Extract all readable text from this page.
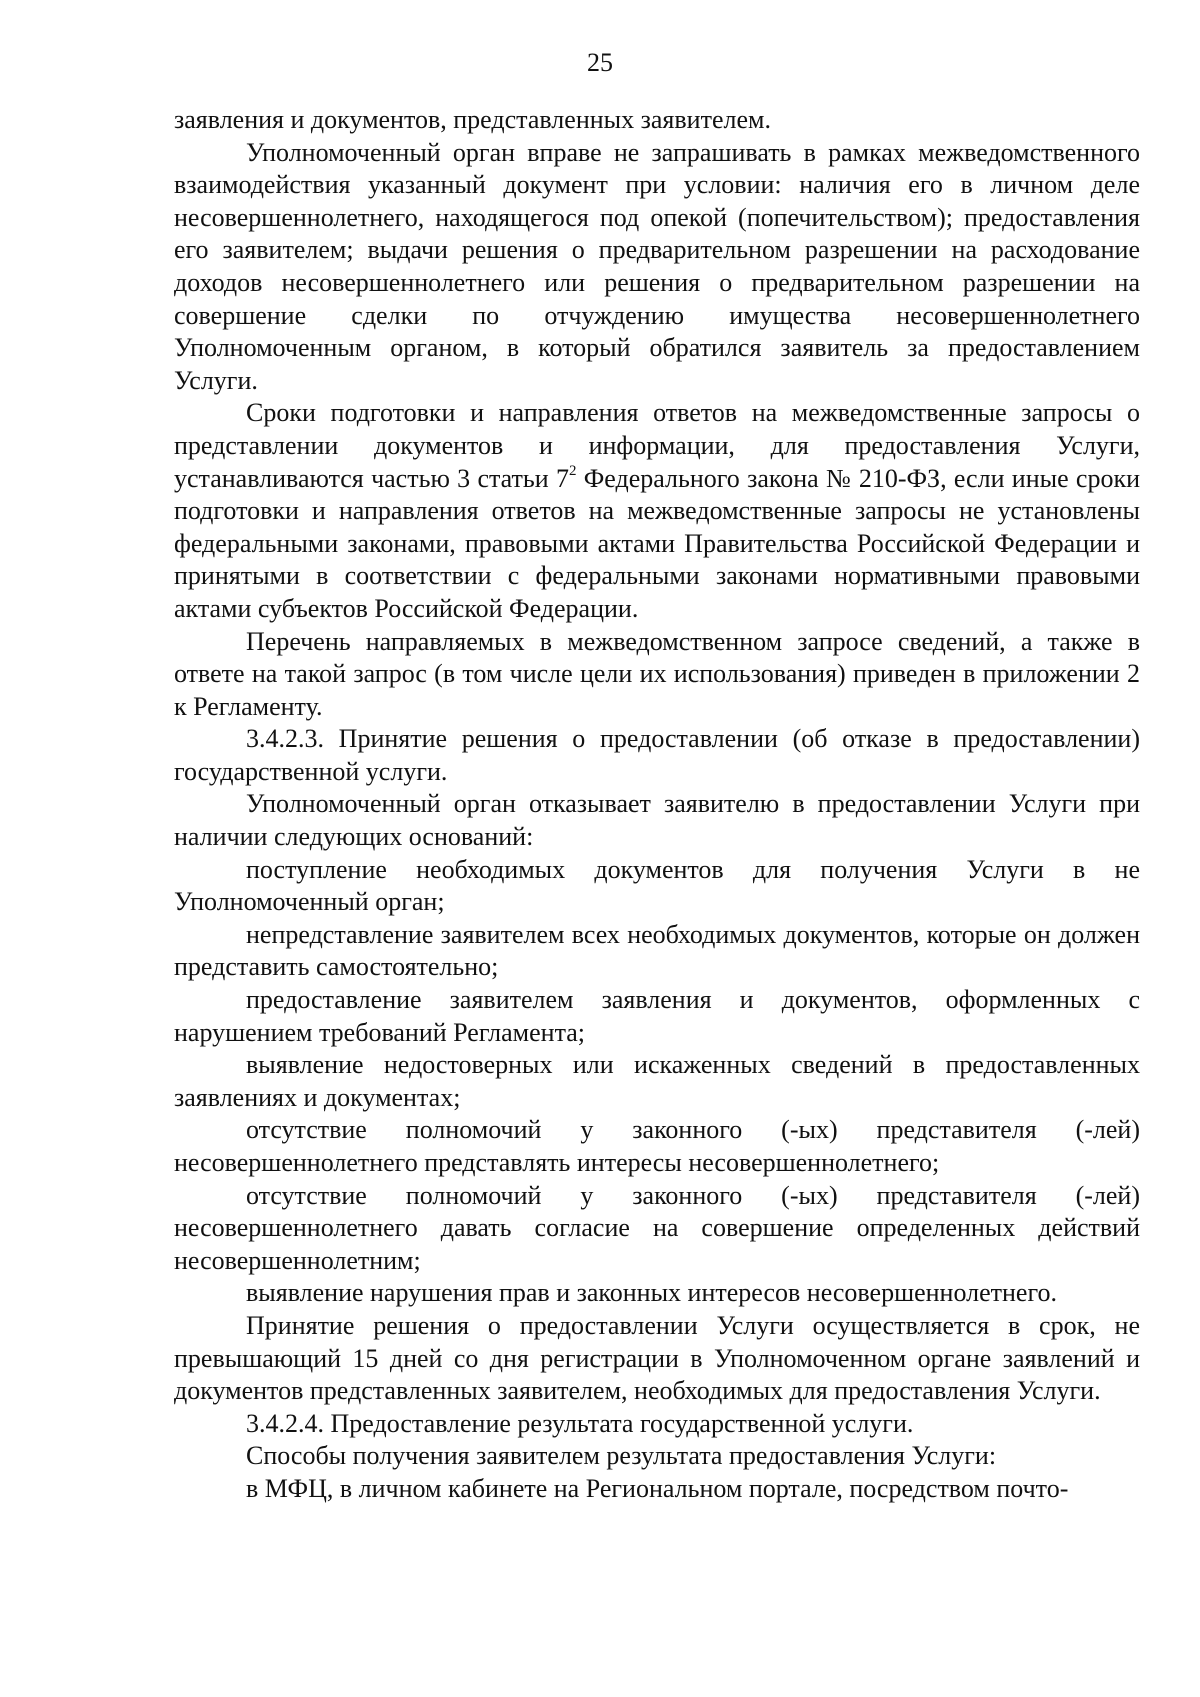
25

заявления и документов, представленных заявителем.

Уполномоченный орган вправе не запрашивать в рамках межведомственного взаимодействия указанный документ при условии: наличия его в личном деле несовершеннолетнего, находящегося под опекой (попечительством); предоставления его заявителем; выдачи решения о предварительном разрешении на расходование доходов несовершеннолетнего или решения о предварительном разрешении на совершение сделки по отчуждению имущества несовершеннолетнего Уполномоченным органом, в который обратился заявитель за предоставлением Услуги.

Сроки подготовки и направления ответов на межведомственные запросы о представлении документов и информации, для предоставления Услуги, устанавливаются частью 3 статьи $7^2$ Федерального закона № 210-ФЗ, если иные сроки подготовки и направления ответов на межведомственные запросы не установлены федеральными законами, правовыми актами Правительства Российской Федерации и принятыми в соответствии с федеральными законами нормативными правовыми актами субъектов Российской Федерации.

Перечень направляемых в межведомственном запросе сведений, а также в ответе на такой запрос (в том числе цели их использования) приведен в приложении 2 к Регламенту.

3.4.2.3. Принятие решения о предоставлении (об отказе в предоставлении) государственной услуги.

Уполномоченный орган отказывает заявителю в предоставлении Услуги при наличии следующих оснований:

поступление необходимых документов для получения Услуги в не Уполномоченный орган;

непредставление заявителем всех необходимых документов, которые он должен представить самостоятельно;

предоставление заявителем заявления и документов, оформленных с нарушением требований Регламента;

выявление недостоверных или искаженных сведений в предоставленных заявлениях и документах;

отсутствие полномочий у законного (-ых) представителя (-лей) несовершеннолетнего представлять интересы несовершеннолетнего;

отсутствие полномочий у законного (-ых) представителя (-лей) несовершеннолетнего давать согласие на совершение определенных действий несовершеннолетним;

выявление нарушения прав и законных интересов несовершеннолетнего.

Принятие решения о предоставлении Услуги осуществляется в срок, не превышающий 15 дней со дня регистрации в Уполномоченном органе заявлений и документов представленных заявителем, необходимых для предоставления Услуги.

3.4.2.4. Предоставление результата государственной услуги.

Способы получения заявителем результата предоставления Услуги:

в МФЦ, в личном кабинете на Региональном портале, посредством почто-
